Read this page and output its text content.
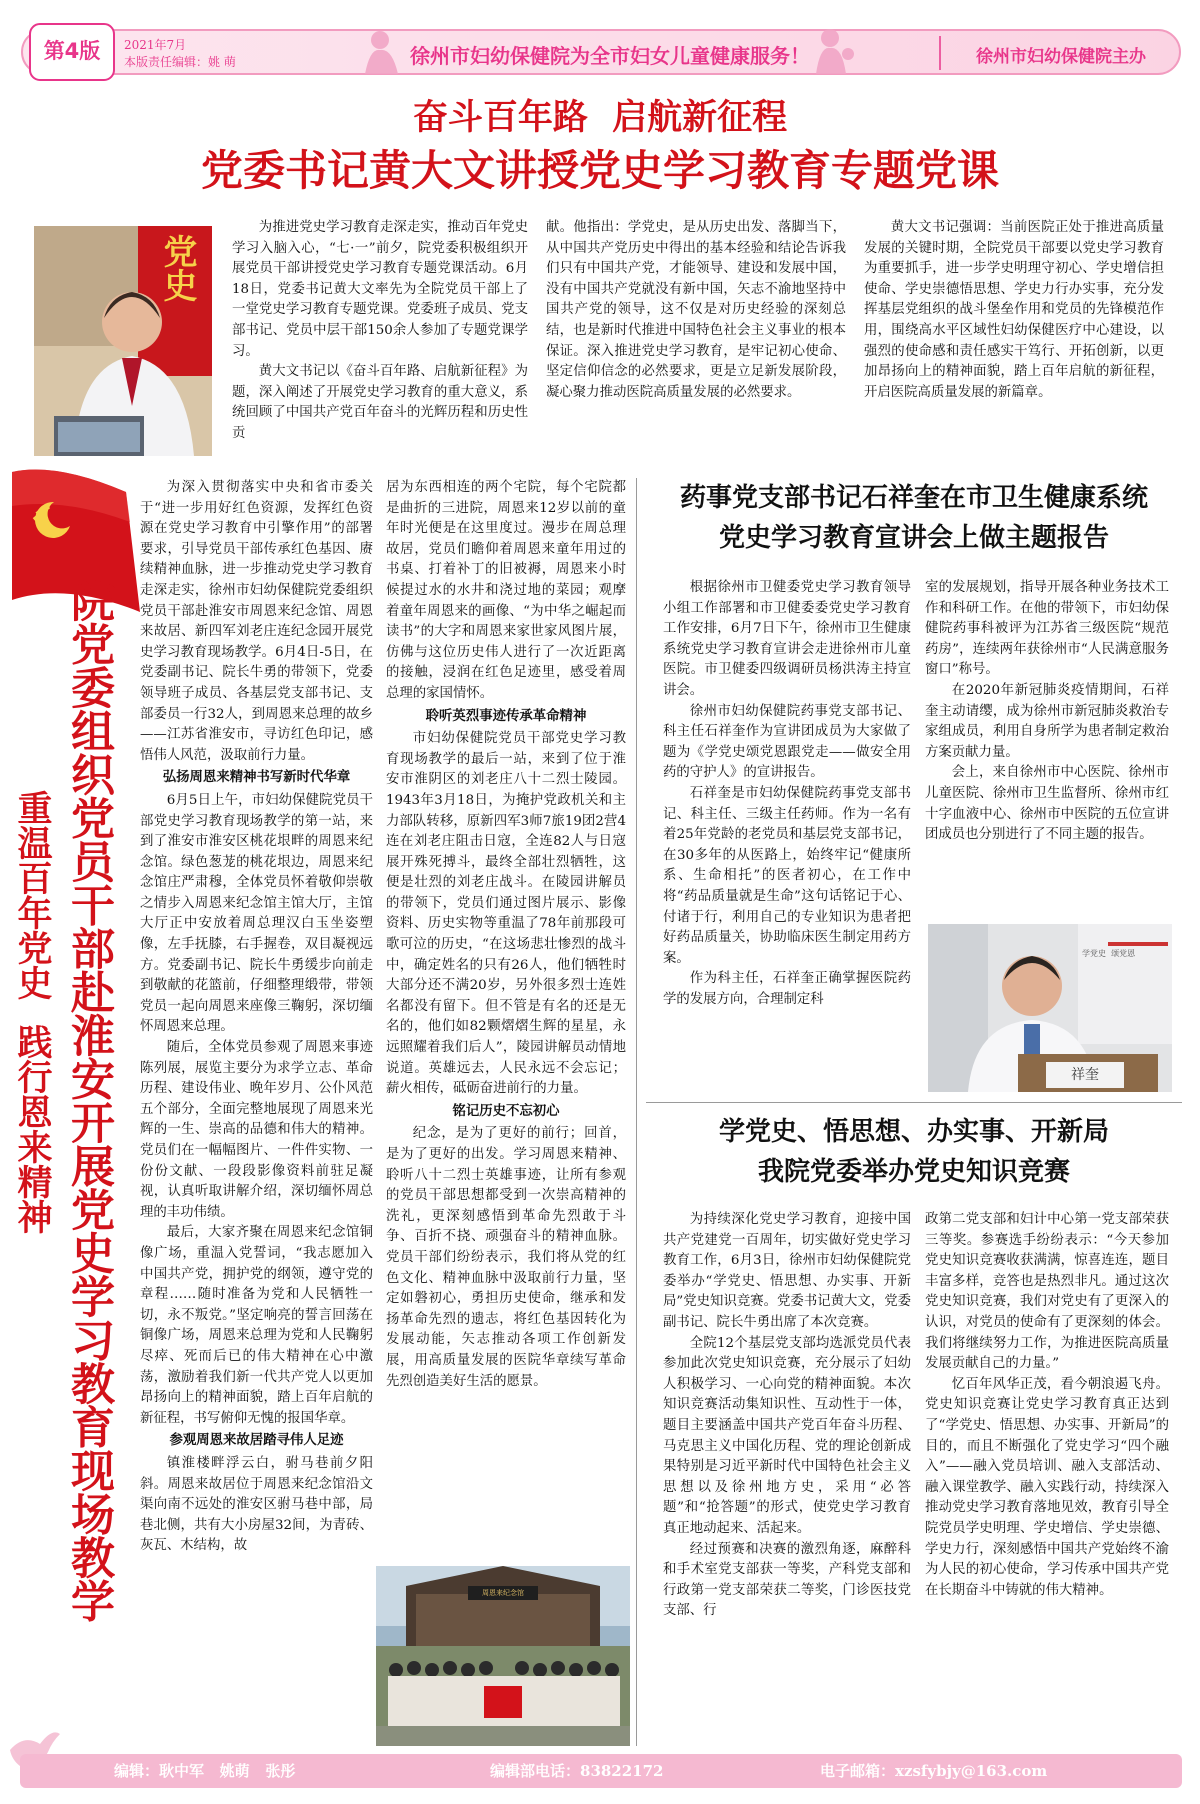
第4版	2021年7月
本版责任编辑：姚 萌	徐州市妇幼保健院为全市妇女儿童健康服务！	徐州市妇幼保健院主办
奋斗百年路  启航新征程
党委书记黄大文讲授党史学习教育专题党课
党史

为推进党史学习教育走深走实，推动百年党史学习入脑入心，“七·一”前夕，院党委积极组织开展党员干部讲授党史学习教育专题党课活动。6月18日，党委书记黄大文率先为全院党员干部上了一堂党史学习教育专题党课。党委班子成员、党支部书记、党员中层干部150余人参加了专题党课学习。

黄大文书记以《奋斗百年路、启航新征程》为题，深入阐述了开展党史学习教育的重大意义，系统回顾了中国共产党百年奋斗的光辉历程和历史性贡

献。他指出：学党史，是从历史出发、落脚当下，从中国共产党历史中得出的基本经验和结论告诉我们只有中国共产党，才能领导、建设和发展中国，没有中国共产党就没有新中国，矢志不渝地坚持中国共产党的领导，这不仅是对历史经验的深刻总结，也是新时代推进中国特色社会主义事业的根本保证。深入推进党史学习教育，是牢记初心使命、坚定信仰信念的必然要求，更是立足新发展阶段，凝心聚力推动医院高质量发展的必然要求。

黄大文书记强调：当前医院正处于推进高质量发展的关键时期，全院党员干部要以党史学习教育为重要抓手，进一步学史明理守初心、学史增信担使命、学史崇德悟思想、学史力行办实事，充分发挥基层党组织的战斗堡垒作用和党员的先锋模范作用，围绕高水平区域性妇幼保健医疗中心建设，以强烈的使命感和责任感实干笃行、开拓创新，以更加昂扬向上的精神面貌，踏上百年启航的新征程，开启医院高质量发展的新篇章。

院党委组织党员干部赴淮安开展党史学习教育现场教学
重温百年党史  践行恩来精神

为深入贯彻落实中央和省市委关于“进一步用好红色资源，发挥红色资源在党史学习教育中引擎作用”的部署要求，引导党员干部传承红色基因、赓续精神血脉，进一步推动党史学习教育走深走实，徐州市妇幼保健院党委组织党员干部赴淮安市周恩来纪念馆、周恩来故居、新四军刘老庄连纪念园开展党史学习教育现场教学。6月4日-5日，在党委副书记、院长牛勇的带领下，党委领导班子成员、各基层党支部书记、支部委员一行32人，到周恩来总理的故乡——江苏省淮安市，寻访红色印记，感悟伟人风范，汲取前行力量。

弘扬周恩来精神书写新时代华章

6月5日上午，市妇幼保健院党员干部党史学习教育现场教学的第一站，来到了淮安市淮安区桃花垠畔的周恩来纪念馆。绿色葱茏的桃花垠边，周恩来纪念馆庄严肃穆，全体党员怀着敬仰崇敬之情步入周恩来纪念馆主馆大厅，主馆大厅正中安放着周总理汉白玉坐姿塑像，左手抚膝，右手握卷，双目凝视远方。党委副书记、院长牛勇缓步向前走到敬献的花篮前，仔细整理缎带，带领党员一起向周恩来座像三鞠躬，深切缅怀周恩来总理。

随后，全体党员参观了周恩来事迹陈列展，展览主要分为求学立志、革命历程、建设伟业、晚年岁月、公仆风范五个部分，全面完整地展现了周恩来光辉的一生、崇高的品德和伟大的精神。党员们在一幅幅图片、一件件实物、一份份文献、一段段影像资料前驻足凝视，认真听取讲解介绍，深切缅怀周总理的丰功伟绩。

最后，大家齐聚在周恩来纪念馆铜像广场，重温入党誓词，“我志愿加入中国共产党，拥护党的纲领，遵守党的章程……随时准备为党和人民牺牲一切，永不叛党。”坚定响亮的誓言回荡在铜像广场，周恩来总理为党和人民鞠躬尽瘁、死而后已的伟大精神在心中激荡，激励着我们新一代共产党人以更加昂扬向上的精神面貌，踏上百年启航的新征程，书写俯仰无愧的报国华章。

参观周恩来故居踏寻伟人足迹

镇淮楼畔浮云白，驸马巷前夕阳斜。周恩来故居位于周恩来纪念馆沿文渠向南不远处的淮安区驸马巷中部，局巷北侧，共有大小房屋32间，为青砖、灰瓦、木结构，故

居为东西相连的两个宅院，每个宅院都是曲折的三进院，周恩来12岁以前的童年时光便是在这里度过。漫步在周总理故居，党员们瞻仰着周恩来童年用过的书桌、打着补丁的旧被褥，周恩来小时候提过水的水井和浇过地的菜园；观摩着童年周恩来的画像、“为中华之崛起而读书”的大字和周恩来家世家风图片展，仿佛与这位历史伟人进行了一次近距离的接触，浸润在红色足迹里，感受着周总理的家国情怀。

聆听英烈事迹传承革命精神

市妇幼保健院党员干部党史学习教育现场教学的最后一站，来到了位于淮安市淮阴区的刘老庄八十二烈士陵园。1943年3月18日，为掩护党政机关和主力部队转移，原新四军3师7旅19团2营4连在刘老庄阻击日寇，全连82人与日寇展开殊死搏斗，最终全部壮烈牺牲，这便是壮烈的刘老庄战斗。在陵园讲解员的带领下，党员们通过图片展示、影像资料、历史实物等重温了78年前那段可歌可泣的历史，“在这场悲壮惨烈的战斗中，确定姓名的只有26人，他们牺牲时大部分还不满20岁，另外很多烈士连姓名都没有留下。但不管是有名的还是无名的，他们如82颗熠熠生辉的星星，永远照耀着我们后人”，陵园讲解员动情地说道。英雄远去，人民永远不会忘记；薪火相传，砥砺奋进前行的力量。

铭记历史不忘初心

纪念，是为了更好的前行；回首，是为了更好的出发。学习周恩来精神、聆听八十二烈士英雄事迹，让所有参观的党员干部思想都受到一次崇高精神的洗礼，更深刻感悟到革命先烈敢于斗争、百折不挠、顽强奋斗的精神血脉。党员干部们纷纷表示，我们将从党的红色文化、精神血脉中汲取前行力量，坚定如磐初心，勇担历史使命，继承和发扬革命先烈的遗志，将红色基因转化为发展动能，矢志推动各项工作创新发展，用高质量发展的医院华章续写革命先烈创造美好生活的愿景。

周恩来纪念馆
药事党支部书记石祥奎在市卫生健康系统
党史学习教育宣讲会上做主题报告

根据徐州市卫健委党史学习教育领导小组工作部署和市卫健委委党史学习教育工作安排，6月7日下午，徐州市卫生健康系统党史学习教育宣讲会走进徐州市儿童医院。市卫健委四级调研员杨洪涛主持宣讲会。

徐州市妇幼保健院药事党支部书记、科主任石祥奎作为宣讲团成员为大家做了题为《学党史颂党恩跟党走——做安全用药的守护人》的宣讲报告。

石祥奎是市妇幼保健院药事党支部书记、科主任、三级主任药师。作为一名有着25年党龄的老党员和基层党支部书记，在30多年的从医路上，始终牢记“健康所系、生命相托”的医者初心，在工作中将“药品质量就是生命”这句话铭记于心、付诸于行，利用自己的专业知识为患者把好药品质量关，协助临床医生制定用药方案。

作为科主任，石祥奎正确掌握医院药学的发展方向，合理制定科

室的发展规划，指导开展各种业务技术工作和科研工作。在他的带领下，市妇幼保健院药事科被评为江苏省三级医院“规范药房”，连续两年获徐州市“人民满意服务窗口”称号。

在2020年新冠肺炎疫情期间，石祥奎主动请缨，成为徐州市新冠肺炎救治专家组成员，利用自身所学为患者制定救治方案贡献力量。

会上，来自徐州市中心医院、徐州市儿童医院、徐州市卫生监督所、徐州市红十字血液中心、徐州市中医院的五位宣讲团成员也分别进行了不同主题的报告。

学党史  颂党恩
祥奎
学党史、悟思想、办实事、开新局
我院党委举办党史知识竞赛

为持续深化党史学习教育，迎接中国共产党建党一百周年，切实做好党史学习教育工作，6月3日，徐州市妇幼保健院党委举办“学党史、悟思想、办实事、开新局”党史知识竞赛。党委书记黄大文，党委副书记、院长牛勇出席了本次竞赛。

全院12个基层党支部均选派党员代表参加此次党史知识竞赛，充分展示了妇幼人积极学习、一心向党的精神面貌。本次知识竞赛活动集知识性、互动性于一体，题目主要涵盖中国共产党百年奋斗历程、马克思主义中国化历程、党的理论创新成果特别是习近平新时代中国特色社会主义思想以及徐州地方史，采用“必答题”和“抢答题”的形式，使党史学习教育真正地动起来、活起来。

经过预赛和决赛的激烈角逐，麻醉科和手术室党支部获一等奖，产科党支部和行政第一党支部荣获二等奖，门诊医技党支部、行

政第二党支部和妇计中心第一党支部荣获三等奖。参赛选手纷纷表示：“今天参加党史知识竞赛收获满满，惊喜连连，题目丰富多样，竞答也是热烈非凡。通过这次党史知识竞赛，我们对党史有了更深入的认识，对党员的使命有了更深刻的体会。我们将继续努力工作，为推进医院高质量发展贡献自己的力量。”

忆百年风华正茂，看今朝浪遏飞舟。党史知识竞赛让党史学习教育真正达到了“学党史、悟思想、办实事、开新局”的目的，而且不断强化了党史学习“四个融入”——融入党员培训、融入支部活动、融入课堂教学、融入实践行动，持续深入推动党史学习教育落地见效，教育引导全院党员学史明理、学史增信、学史崇德、学史力行，深刻感悟中国共产党始终不渝为人民的初心使命，学习传承中国共产党在长期奋斗中铸就的伟大精神。

编辑：耿中军   姚萌   张彤	编辑部电话：83822172	电子邮箱：xzsfybjy@163.com
